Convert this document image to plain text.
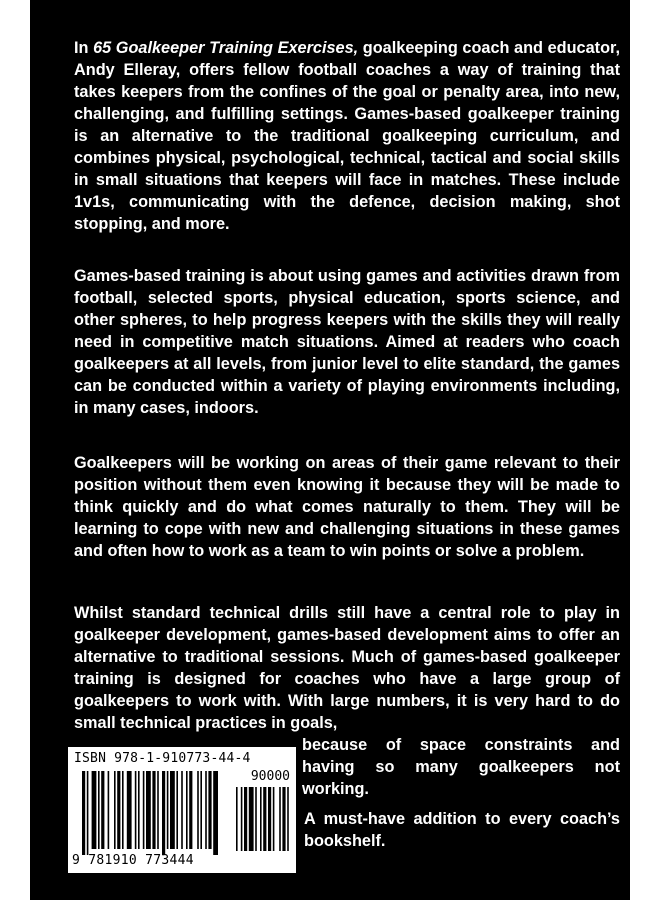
In 65 Goalkeeper Training Exercises, goalkeeping coach and educator, Andy Elleray, offers fellow football coaches a way of training that takes keepers from the confines of the goal or penalty area, into new, challenging, and fulfilling settings. Games-based goalkeeper training is an alternative to the traditional goalkeeping curriculum, and combines physical, psychological, technical, tactical and social skills in small situations that keepers will face in matches. These include 1v1s, communicating with the defence, decision making, shot stopping, and more.

Games-based training is about using games and activities drawn from football, selected sports, physical education, sports science, and other spheres, to help progress keepers with the skills they will really need in competitive match situations. Aimed at readers who coach goalkeepers at all levels, from junior level to elite standard, the games can be conducted within a variety of playing environments including, in many cases, indoors.

Goalkeepers will be working on areas of their game relevant to their position without them even knowing it because they will be made to think quickly and do what comes naturally to them. They will be learning to cope with new and challenging situations in these games and often how to work as a team to win points or solve a problem.

Whilst standard technical drills still have a central role to play in goalkeeper development, games-based development aims to offer an alternative to traditional sessions. Much of games-based goalkeeper training is designed for coaches who have a large group of goalkeepers to work with. With large numbers, it is very hard to do small technical practices in goals,

because of space constraints and having so many goalkeepers not working.

A must-have addition to every coach’s bookshelf.

ISBN 978-1-910773-44-4
90000
9 781910 773444
